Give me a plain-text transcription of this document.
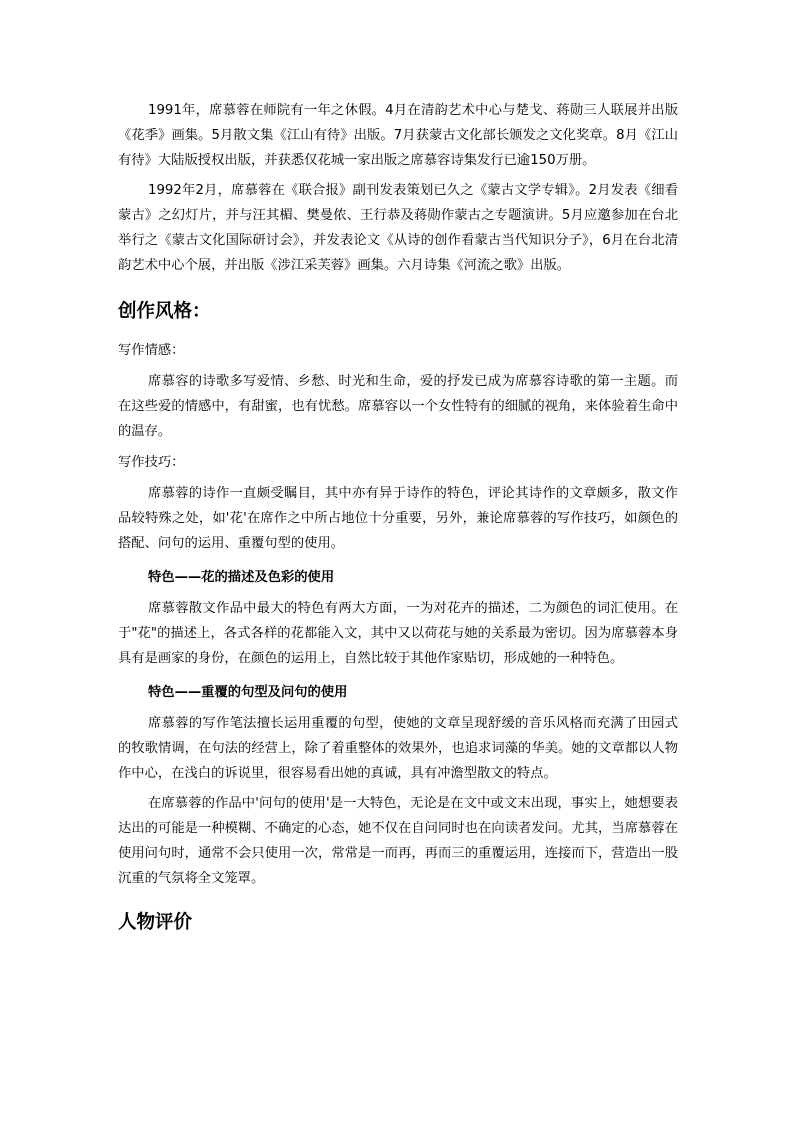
1991年，席慕蓉在师院有一年之休假。4月在清韵艺术中心与楚戈、蒋勋三人联展并出版《花季》画集。5月散文集《江山有待》出版。7月获蒙古文化部长颁发之文化奖章。8月《江山有待》大陆版授权出版，并获悉仅花城一家出版之席慕容诗集发行已逾150万册。

1992年2月，席慕蓉在《联合报》副刊发表策划已久之《蒙古文学专辑》。2月发表《细看蒙古》之幻灯片，并与汪其楣、樊曼侬、王行恭及蒋勋作蒙古之专题演讲。5月应邀参加在台北举行之《蒙古文化国际研讨会》，并发表论文《从诗的创作看蒙古当代知识分子》，6月在台北清韵艺术中心个展，并出版《涉江采芙蓉》画集。六月诗集《河流之歌》出版。

创作风格：

写作情感：

席慕容的诗歌多写爱情、乡愁、时光和生命，爱的抒发已成为席慕容诗歌的第一主题。而在这些爱的情感中，有甜蜜，也有忧愁。席慕容以一个女性特有的细腻的视角，来体验着生命中的温存。

写作技巧：

席慕蓉的诗作一直颇受瞩目，其中亦有异于诗作的特色，评论其诗作的文章颇多，散文作品较特殊之处，如'花'在席作之中所占地位十分重要，另外，兼论席慕蓉的写作技巧，如颜色的搭配、问句的运用、重覆句型的使用。

特色——花的描述及色彩的使用

席慕蓉散文作品中最大的特色有两大方面，一为对花卉的描述，二为颜色的词汇使用。在于"花"的描述上，各式各样的花都能入文，其中又以荷花与她的关系最为密切。因为席慕蓉本身具有是画家的身份，在颜色的运用上，自然比较于其他作家贴切，形成她的一种特色。

特色——重覆的句型及问句的使用

席慕蓉的写作笔法擅长运用重覆的句型，使她的文章呈现舒缓的音乐风格而充满了田园式的牧歌情调，在句法的经营上，除了着重整体的效果外，也追求词藻的华美。她的文章都以人物作中心，在浅白的诉说里，很容易看出她的真诚，具有冲澹型散文的特点。

在席慕蓉的作品中'问句的使用'是一大特色，无论是在文中或文末出现，事实上，她想要表达出的可能是一种模糊、不确定的心态，她不仅在自问同时也在向读者发问。尤其，当席慕蓉在使用问句时，通常不会只使用一次，常常是一而再，再而三的重覆运用，连接而下，营造出一股沉重的气氛将全文笼罩。

人物评价
